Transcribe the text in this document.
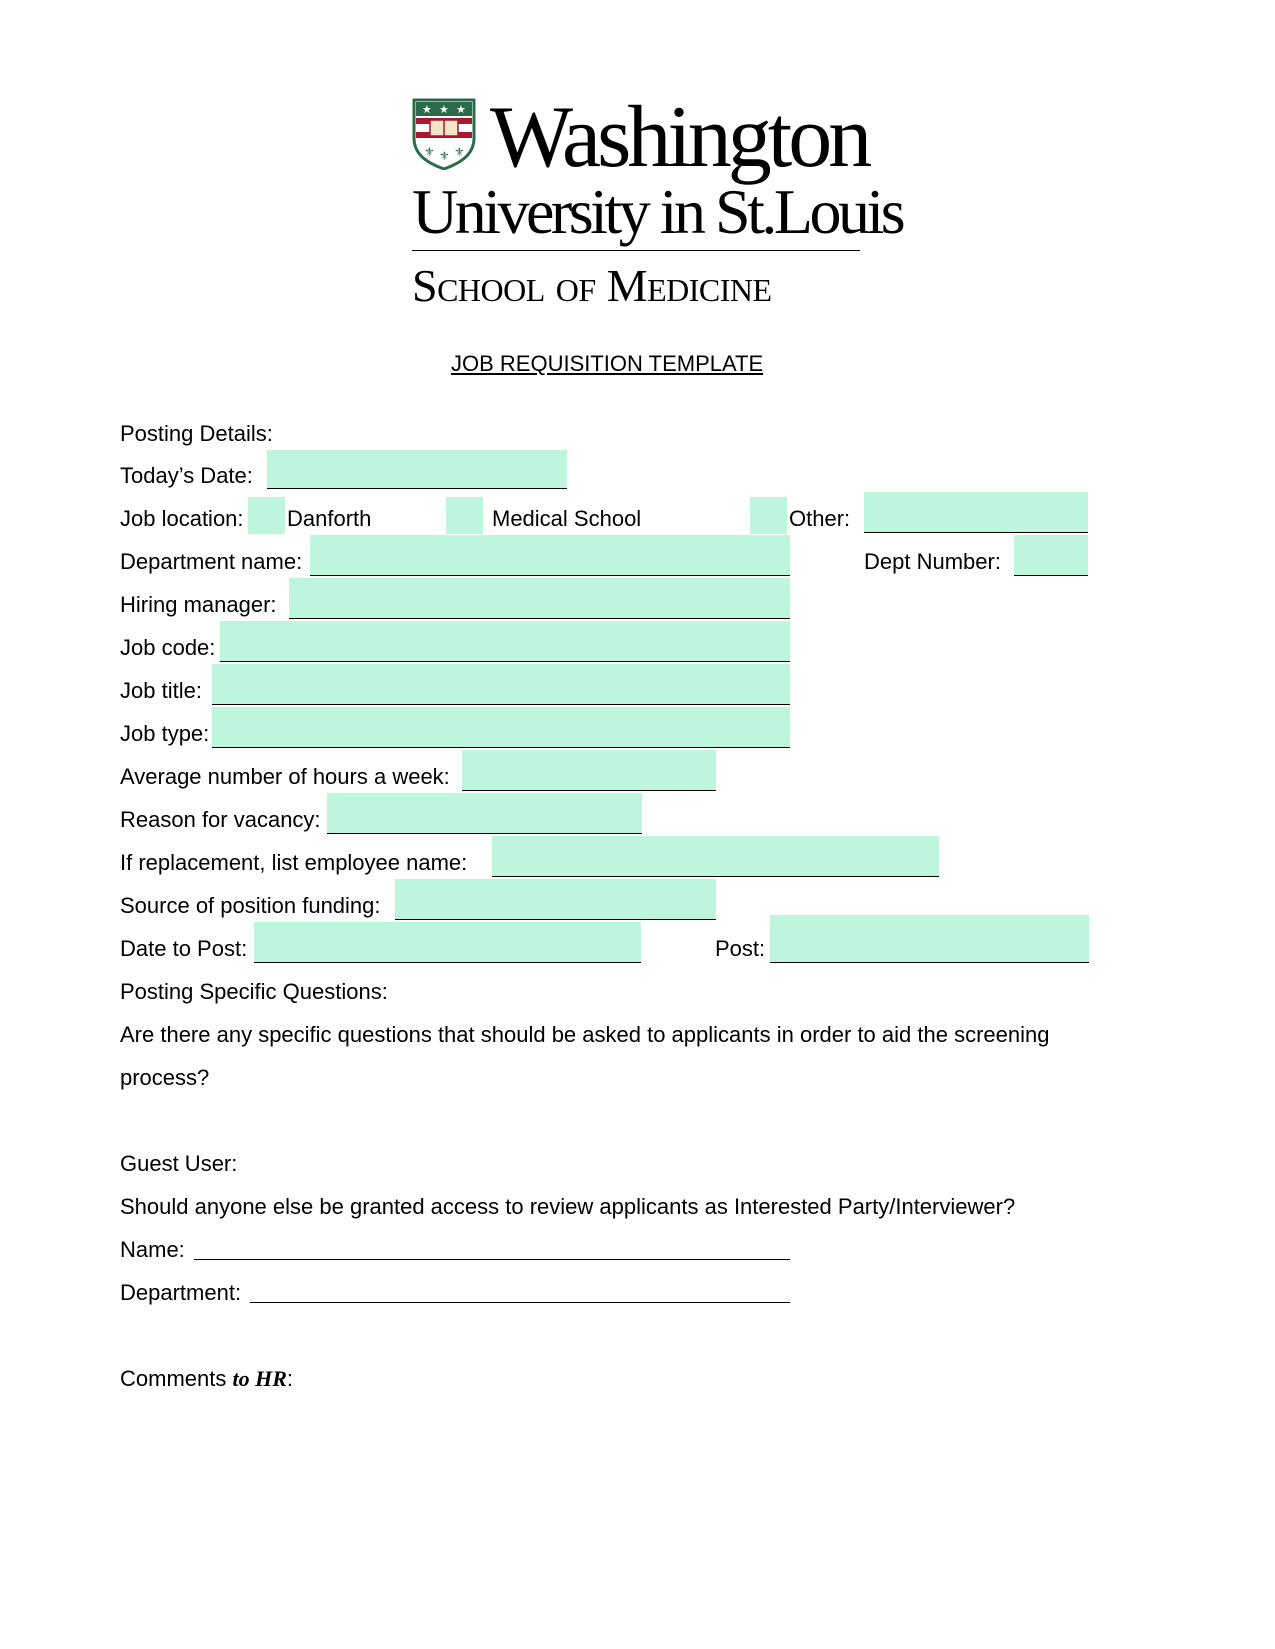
★ ★ ★
⚜ ⚜ ⚜ Washington
University in St.Louis
School of Medicine
JOB REQUISITION TEMPLATE
Posting Details:
Today’s Date:
Job location: Danforth	Medical School	Other:
Department name:	Dept Number:
Hiring manager:
Job code:
Job title:
Job type:
Average number of hours a week:
Reason for vacancy:
If replacement, list employee name:
Source of position funding:
Date to Post:	Post:
Posting Specific Questions:
Are there any specific questions that should be asked to applicants in order to aid the screening
process?
Guest User:
Should anyone else be granted access to review applicants as Interested Party/Interviewer?
Name:
Department:
Comments to HR:
